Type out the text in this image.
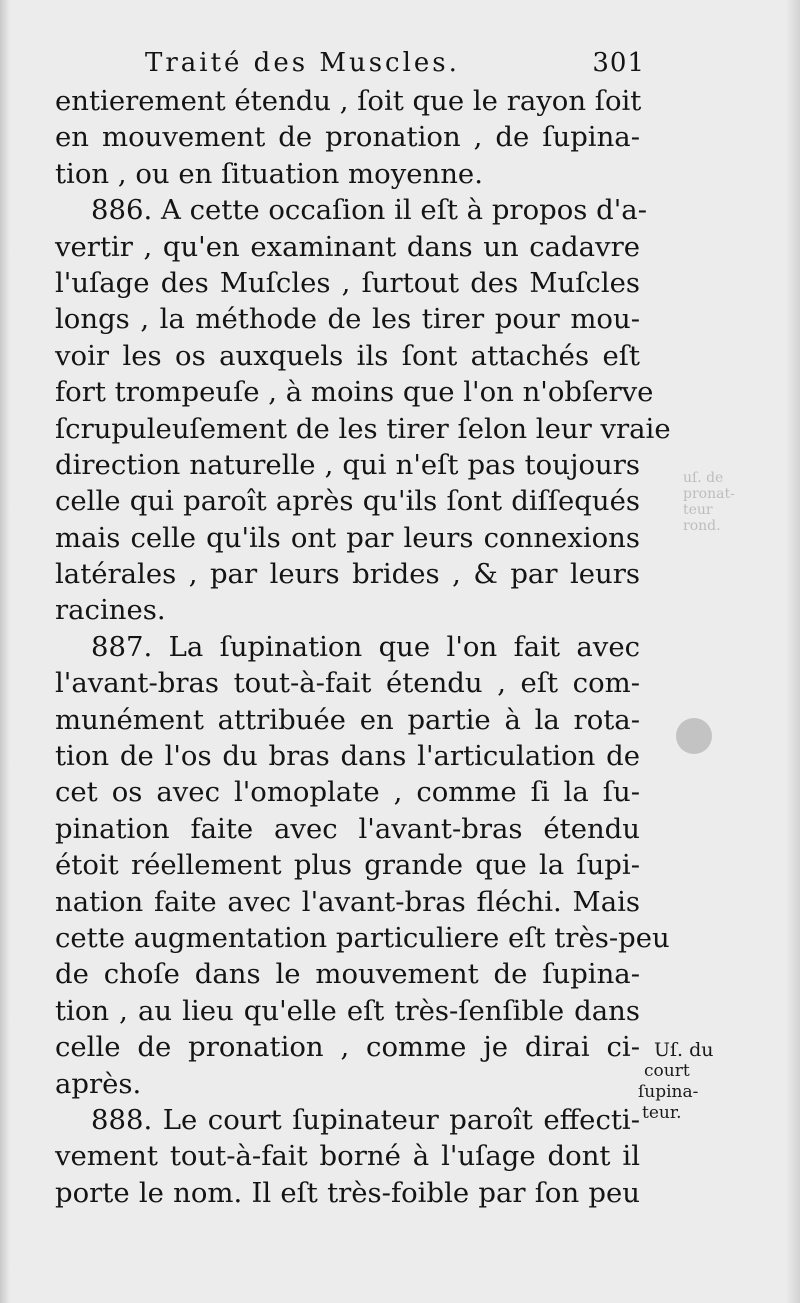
uſ. de
pronat-
teur
rond.
Traité des Muscles.	301
entierement étendu , ſoit que le rayon ſoit
en mouvement de pronation , de ſupina-
tion , ou en ſituation moyenne.
886. A cette occaſion il eſt à propos d'a-
vertir , qu'en examinant dans un cadavre
l'uſage des Muſcles , ſurtout des Muſcles
longs , la méthode de les tirer pour mou-
voir les os auxquels ils ſont attachés eſt
fort trompeuſe , à moins que l'on n'obſerve
ſcrupuleuſement de les tirer ſelon leur vraie
direction naturelle , qui n'eſt pas toujours
celle qui paroît après qu'ils ſont diſſequés
mais celle qu'ils ont par leurs connexions
latérales , par leurs brides , & par leurs
racines.
887. La ſupination que l'on fait avec
l'avant-bras tout-à-fait étendu , eſt com-
munément attribuée en partie à la rota-
tion de l'os du bras dans l'articulation de
cet os avec l'omoplate , comme ſi la ſu-
pination faite avec l'avant-bras étendu
étoit réellement plus grande que la ſupi-
nation faite avec l'avant-bras fléchi. Mais
cette augmentation particuliere eſt très-peu
de choſe dans le mouvement de ſupina-
tion , au lieu qu'elle eſt très-ſenſible dans
celle de pronation , comme je dirai ci-
après.
888. Le court ſupinateur paroît effecti-
vement tout-à-fait borné à l'uſage dont il
porte le nom. Il eſt très-foible par ſon peu
Uſ. du
court
ſupina-
teur.
